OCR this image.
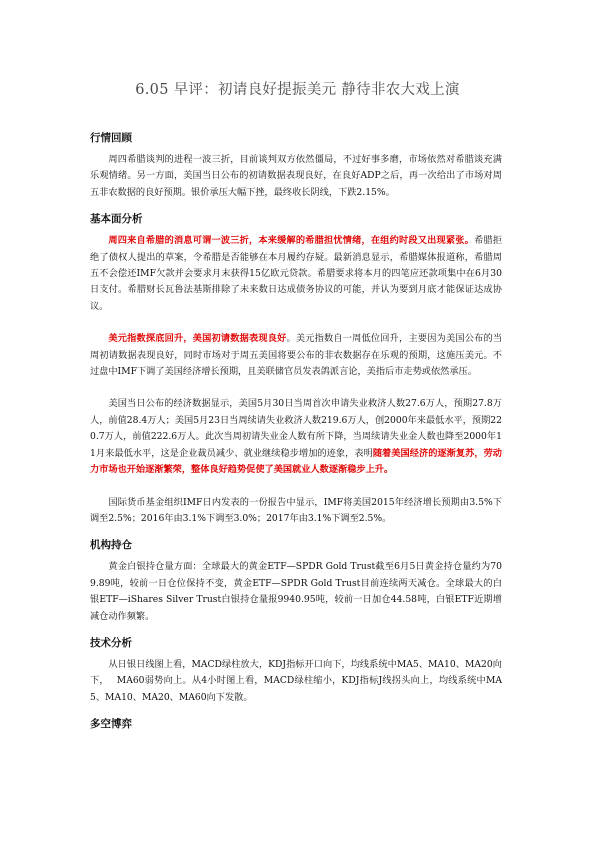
6.05 早评：初请良好提振美元 静待非农大戏上演
行情回顾

周四希腊谈判的进程一波三折，目前谈判双方依然僵局，不过好事多磨，市场依然对希腊谈充满乐观情绪。另一方面，美国当日公布的初请数据表现良好，在良好ADP之后，再一次给出了市场对周五非农数据的良好预期。银价承压大幅下挫，最终收长阴线，下跌2.15%。

基本面分析

周四来自希腊的消息可谓一波三折，本来缓解的希腊担忧情绪，在组约时段又出现紧张。希腊拒绝了债权人提出的草案，令希腊是否能够在本月履约存疑。最新消息显示，希腊媒体报道称，希腊周五不会偿还IMF欠款并会要求月末获得15亿欧元贷款。希腊要求将本月的四笔应还款项集中在6月30日支付。希腊财长瓦鲁法基斯排除了未来数日达成债务协议的可能，并认为要到月底才能保证达成协议。

美元指数探底回升，美国初请数据表现良好。美元指数自一周低位回升，主要因为美国公布的当周初请数据表现良好，同时市场对于周五美国将要公布的非农数据存在乐观的预期，这施压美元。不过盘中IMF下调了美国经济增长预期，且美联储官员发表鸽派言论，美指后市走势或依然承压。

美国当日公布的经济数据显示，美国5月30日当周首次申请失业救济人数27.6万人，预期27.8万人，前值28.4万人；美国5月23日当周续请失业救济人数219.6万人，创2000年来最低水平，预期220.7万人，前值222.6万人。此次当周初请失业金人数有所下降，当周续请失业金人数也降至2000年11月来最低水平，这是企业裁员减少、就业继续稳步增加的迹象，表明随着美国经济的逐渐复苏，劳动力市场也开始逐渐繁荣，整体良好趋势促使了美国就业人数逐渐稳步上升。

国际货币基金组织IMF日内发表的一份报告中显示，IMF将美国2015年经济增长预期由3.5%下调至2.5%；2016年由3.1%下调至3.0%；2017年由3.1%下调至2.5%。

机构持仓

黄金白银持仓量方面：全球最大的黄金ETF—SPDR Gold Trust截至6月5日黄金持仓量约为709.89吨，较前一日仓位保持不变，黄金ETF—SPDR Gold Trust目前连续两天减仓。全球最大的白银ETF—iShares Silver Trust白银持仓量报9940.95吨，较前一日加仓44.58吨，白银ETF近期增减仓动作频繁。

技术分析

从日银日线图上看，MACD绿柱放大，KDJ指标开口向下，均线系统中MA5、MA10、MA20向下，　 MA60弱势向上。从4小时图上看，MACD绿柱缩小，KDJ指标J线拐头向上，均线系统中MA5、MA10、MA20、MA60向下发散。

多空博弈
